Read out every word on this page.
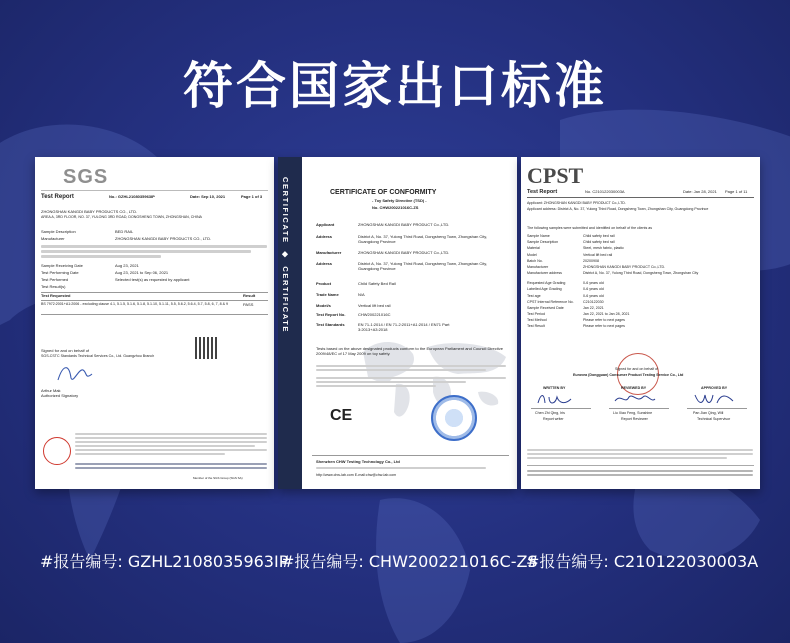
符合国家出口标准
SGS
Test Report	No.: GZHL2108035963IP	Date: Sep 10, 2021	Page 1 of 3
ZHONGSHAN KANGDI BABY PRODUCTS CO., LTD.
AREA A, 3RD FLOOR, NO. 37, YULONG 3RD ROAD, DONGSHENG TOWN, ZHONGSHAN, CHINA
Sample Description	BED RAIL
Manufacturer	ZHONGSHAN KANGDI BABY PRODUCTS CO., LTD.
Sample Receiving Date	Aug 23, 2021
Test Performing Date	Aug 23, 2021 to Sep 06, 2021
Test Performed	Selected test(s) as requested by applicant
Test Result(s)
Test Requested	Result
BS 7972:2001+A1:2006 - excluding clause 4.1, 5.1.5, 5.1.6, 5.1.8, 5.1.10, 5.1.11, 5.5, 5.6.2, 5.6.4, 5.7, 5.8, 6, 7, 8 & 9	PASS
Signed for and on behalf of
SGS-CSTC Standards Technical Services Co., Ltd. Guangzhou Branch
Arthur Mak
Authorized Signatory
Member of the SGS Group (SGS SA)
CERTIFICATE ◆ CERTIFICATE
CERTIFICATE OF CONFORMITY
- Toy Safety Directive (TSD) -
No. CHW200221016C-ZS
Applicant	ZHONGSHAN KANGDI BABY PRODUCT Co.,LTD.
Address	District A, No. 37, Yulong Third Road, Dongsheng Town, Zhongshan City, Guangdong Province
Manufacturer	ZHONGSHAN KANGDI BABY PRODUCT Co.,LTD.
Address	District A, No. 37, Yulong Third Road, Dongsheng Town, Zhongshan City, Guangdong Province
Product	Child Safety Bed Rail
Trade Name	N/A
Model/s	Vertical lift bed rail
Test Report No.	CHW200221016C
Test Standards	EN 71-1:2014 / EN 71-2:2011+A1:2014 / EN71 Part 3:2013+A3:2018
Tests based on the above designated products conform to the European Parliament and Council Directive 2009/48/EC of 17 May 2009 on toy safety.
CE
Shenzhen CHW Testing Technology Co., Ltd
http://www.chw-lab.com E-mail:chw@chw-lab.com
CPST
Test Report	No. C210122030003A	Date: Jan 28, 2021 Page 1 of 11
Applicant: ZHONGSHAN KANGDI BABY PRODUCT Co.,LTD.
Applicant address: District A, No. 37, Yulong Third Road, Dongsheng Town, Zhongshan City, Guangdong Province
The following samples were submitted and identified on behalf of the clients as
Sample Name	Child safety bed rail
Sample Description	Child safety bed rail
Material	Steel, mesh fabric, plastic
Model	Vertical lift bed rail
Batch No.	20200908
Manufacturer	ZHONGSHAN KANGDI BABY PRODUCT Co.,LTD.
Manufacturer address	District A, No. 37, Yulong Third Road, Dongsheng Town, Zhongshan City
Requested Age Grading	0-6 years old
Labelled Age Grading	0-6 years old
Test age	0-6 years old
CPST Internal Reference No.	C210122030
Sample Received Date	Jan 22, 2021
Test Period	Jan 22, 2021 to Jan 28, 2021
Test Method	Please refer to next pages
Test Result	Please refer to next pages
Signed for and on behalf of
Eurovea (Dongguan) Consumer Product Testing Service Co., Ltd
WRITTEN BY	REVIEWED BY	APPROVED BY
Chen Zhi Qing, Iris
Report writer
Liu Xiao Feng, Sunshine
Report Reviewer
Pan Jian Qing, Will
Technical Supervisor
#报告编号: GZHL2108035963IP
#报告编号: CHW200221016C-ZS
#报告编号: C210122030003A
